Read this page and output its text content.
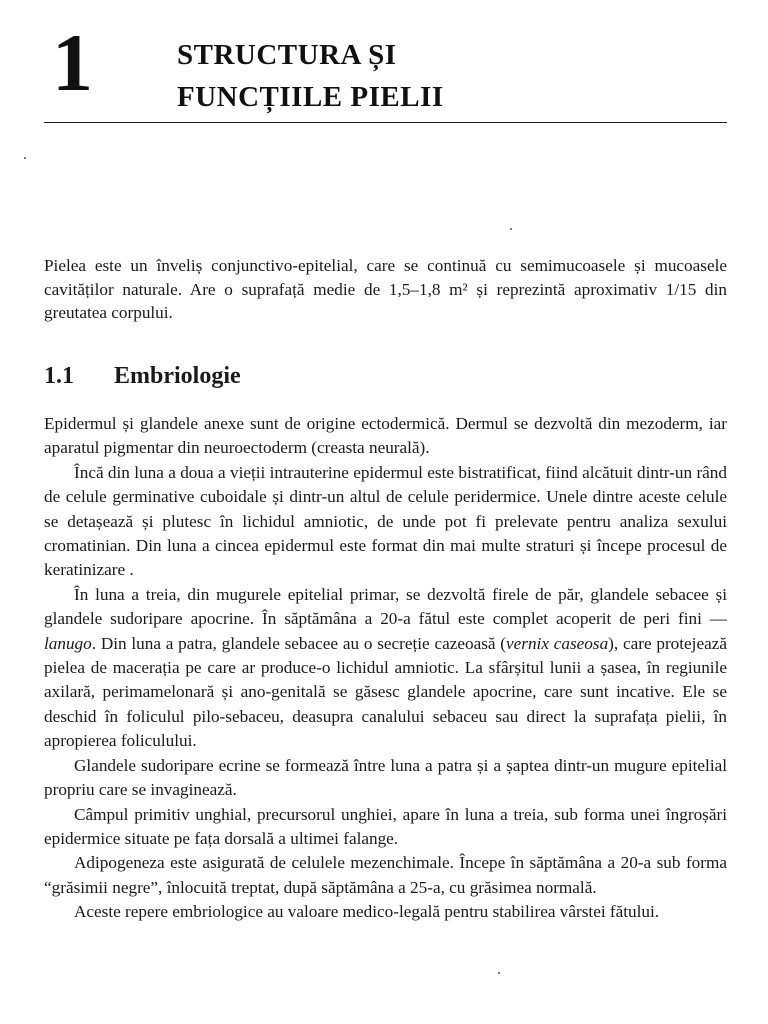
1	STRUCTURA ȘI
FUNCȚIILE PIELII

Pielea este un înveliș conjunctivo-epitelial, care se continuă cu semimucoasele și mucoasele cavităților naturale. Are o suprafață medie de 1,5–1,8 m² și reprezintă aproximativ 1/15 din greutatea corpului.

1.1 Embriologie

Epidermul și glandele anexe sunt de origine ectodermică. Dermul se dezvoltă din mezoderm, iar aparatul pigmentar din neuroectoderm (creasta neurală).

Încă din luna a doua a vieții intrauterine epidermul este bistratificat, fiind alcătuit dintr-un rând de celule germinative cuboidale și dintr-un altul de celule peridermice. Unele dintre aceste celule se detașează și plutesc în lichidul amniotic, de unde pot fi prelevate pentru analiza sexului cromatinian. Din luna a cincea epidermul este format din mai multe straturi și începe procesul de keratinizare .

În luna a treia, din mugurele epitelial primar, se dezvoltă firele de păr, glandele sebacee și glandele sudoripare apocrine. În săptămâna a 20-a fătul este complet acoperit de peri fini — lanugo. Din luna a patra, glandele sebacee au o secreție cazeoasă (vernix caseosa), care protejează pielea de macerația pe care ar produce-o lichidul amniotic. La sfârșitul lunii a șasea, în regiunile axilară, perimamelonară și ano-genitală se găsesc glandele apocrine, care sunt incative. Ele se deschid în foliculul pilo-sebaceu, deasupra canalului sebaceu sau direct la suprafața pielii, în apropierea foliculului.

Glandele sudoripare ecrine se formează între luna a patra și a șaptea dintr-un mugure epitelial propriu care se invaginează.

Câmpul primitiv unghial, precursorul unghiei, apare în luna a treia, sub forma unei îngroșări epidermice situate pe fața dorsală a ultimei falange.

Adipogeneza este asigurată de celulele mezenchimale. Începe în săptămâna a 20-a sub forma “grăsimii negre”, înlocuită treptat, după săptămâna a 25-a, cu grăsimea normală.

Aceste repere embriologice au valoare medico-legală pentru stabilirea vârstei fătului.
